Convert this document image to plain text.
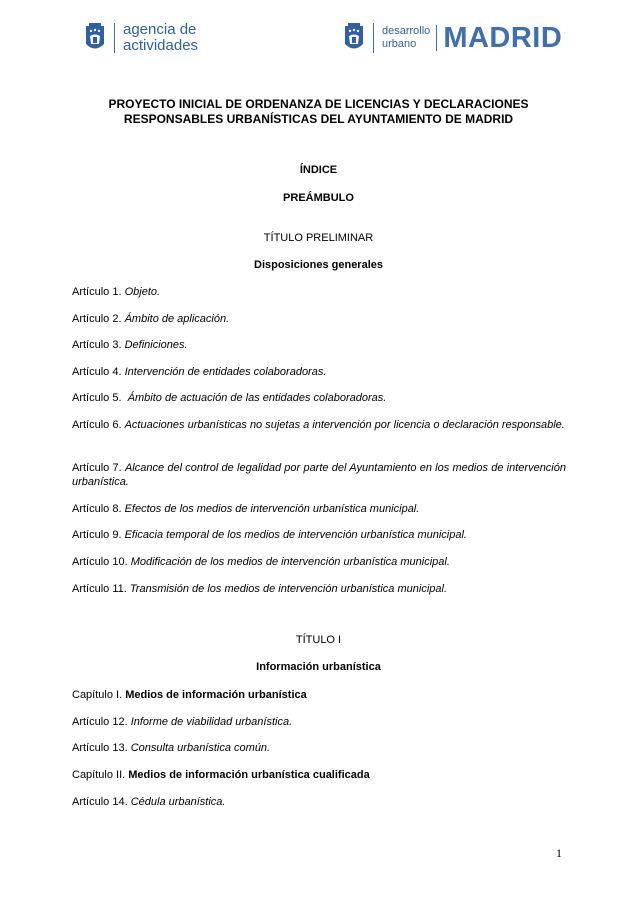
agencia de
actividades
desarrollo
urbano MADRID
PROYECTO INICIAL DE ORDENANZA DE LICENCIAS Y DECLARACIONES RESPONSABLES URBANÍSTICAS DEL AYUNTAMIENTO DE MADRID
ÍNDICE
PREÁMBULO
TÍTULO PRELIMINAR
Disposiciones generales
Artículo 1. Objeto.
Artículo 2. Ámbito de aplicación.
Artículo 3. Definiciones.
Artículo 4. Intervención de entidades colaboradoras.
Artículo 5. Ámbito de actuación de las entidades colaboradoras.
Artículo 6. Actuaciones urbanísticas no sujetas a intervención por licencia o declaración responsable.
Artículo 7. Alcance del control de legalidad por parte del Ayuntamiento en los medios de intervención urbanística.
Artículo 8. Efectos de los medios de intervención urbanística municipal.
Artículo 9. Eficacia temporal de los medios de intervención urbanística municipal.
Artículo 10. Modificación de los medios de intervención urbanística municipal.
Artículo 11. Transmisión de los medios de intervención urbanística municipal.
TÍTULO I
Información urbanística
Capítulo I. Medios de información urbanística
Artículo 12. Informe de viabilidad urbanística.
Artículo 13. Consulta urbanística común.
Capítulo II. Medios de información urbanística cualificada
Artículo 14. Cédula urbanística.
1
